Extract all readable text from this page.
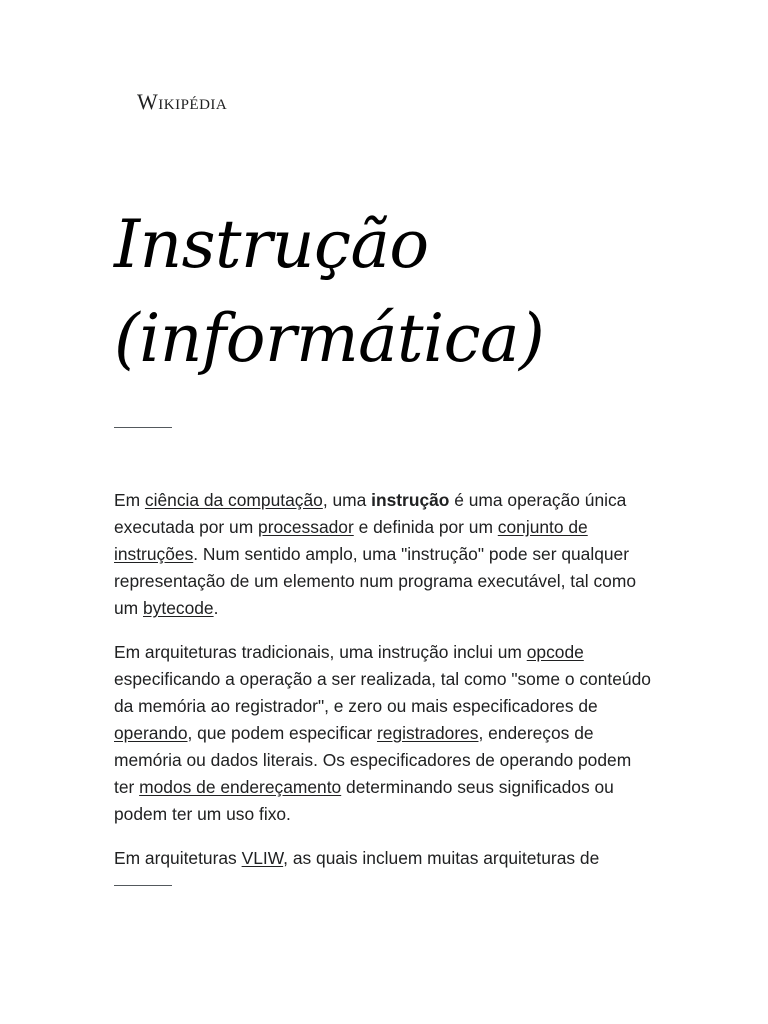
Wikipédia
Instrução
(informática)

Em ciência da computação, uma instrução é uma operação única executada por um processador e definida por um conjunto de instruções. Num sentido amplo, uma "instrução" pode ser qualquer representação de um elemento num programa executável, tal como um bytecode.

Em arquiteturas tradicionais, uma instrução inclui um opcode especificando a operação a ser realizada, tal como "some o conteúdo da memória ao registrador", e zero ou mais especificadores de operando, que podem especificar registradores, endereços de memória ou dados literais. Os especificadores de operando podem ter modos de endereçamento determinando seus significados ou podem ter um uso fixo.

Em arquiteturas VLIW, as quais incluem muitas arquiteturas de
